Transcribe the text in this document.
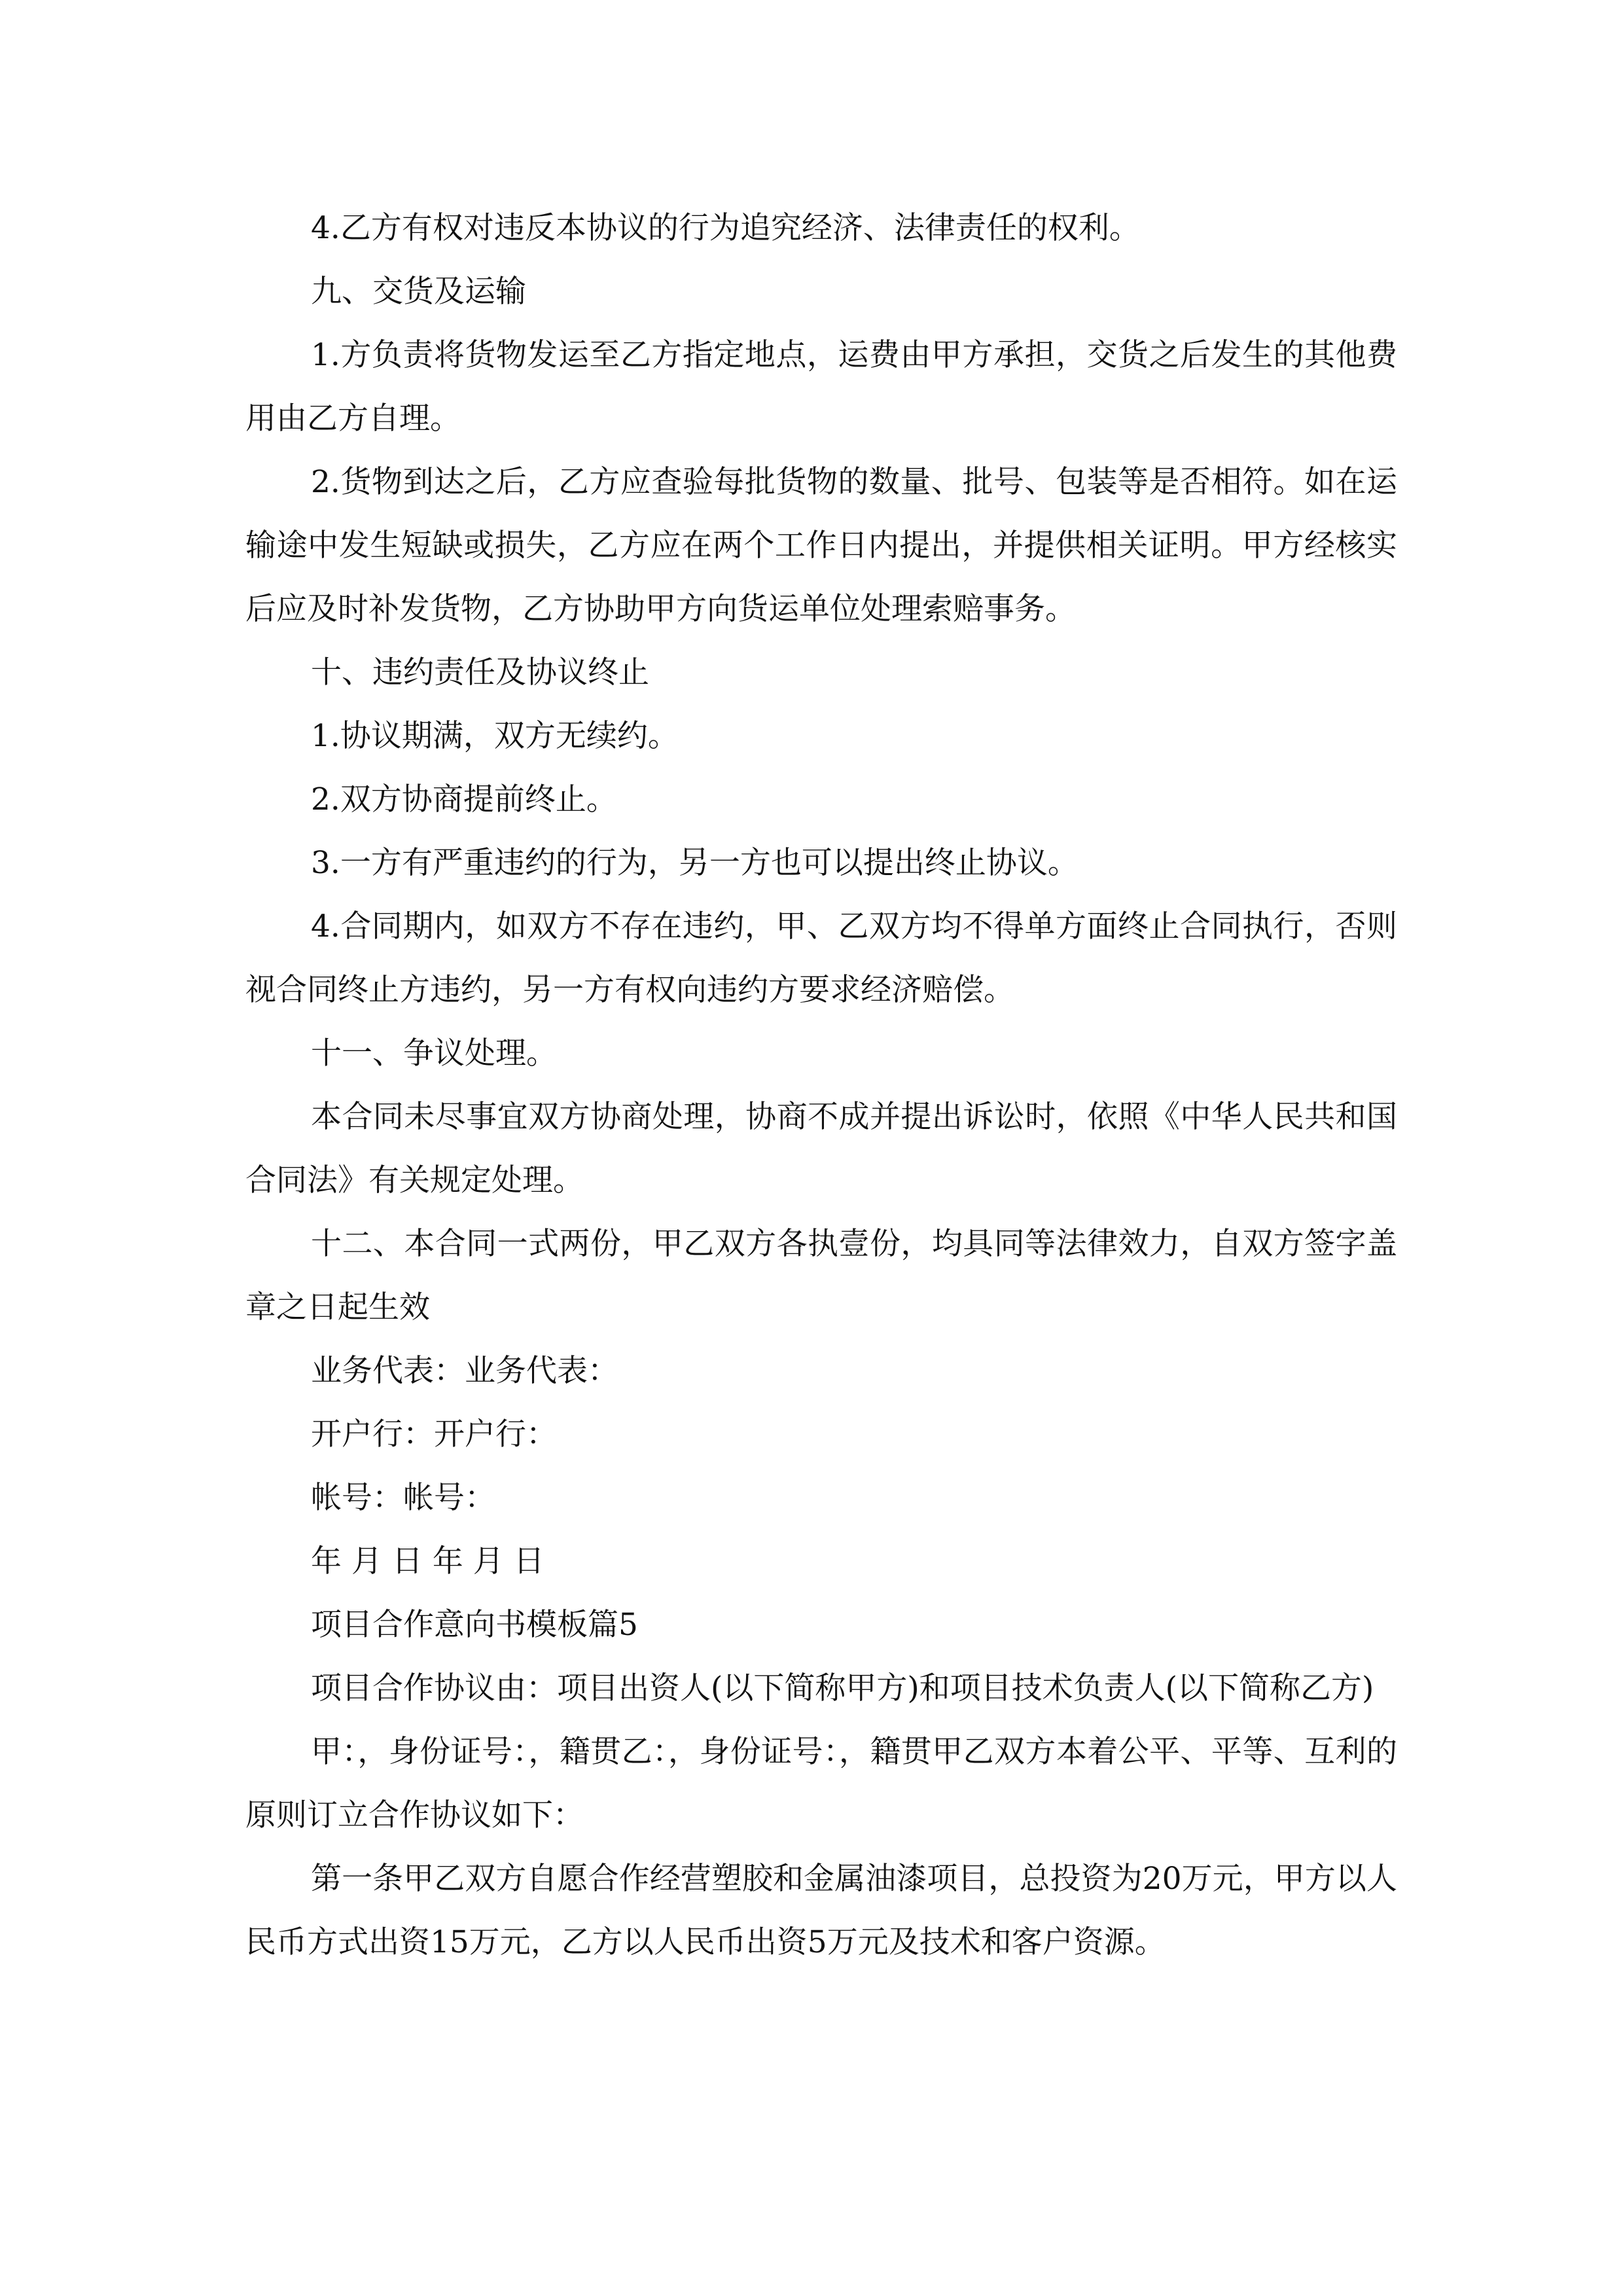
4.乙方有权对违反本协议的行为追究经济、法律责任的权利。

九、交货及运输

1.方负责将货物发运至乙方指定地点，运费由甲方承担，交货之后发生的其他费用由乙方自理。

2.货物到达之后，乙方应查验每批货物的数量、批号、包装等是否相符。如在运输途中发生短缺或损失，乙方应在两个工作日内提出，并提供相关证明。甲方经核实后应及时补发货物，乙方协助甲方向货运单位处理索赔事务。

十、违约责任及协议终止

1.协议期满，双方无续约。

2.双方协商提前终止。

3.一方有严重违约的行为，另一方也可以提出终止协议。

4.合同期内，如双方不存在违约，甲、乙双方均不得单方面终止合同执行，否则视合同终止方违约，另一方有权向违约方要求经济赔偿。

十一、争议处理。

本合同未尽事宜双方协商处理，协商不成并提出诉讼时，依照《中华人民共和国合同法》有关规定处理。

十二、本合同一式两份，甲乙双方各执壹份，均具同等法律效力，自双方签字盖章之日起生效

业务代表：业务代表：

开户行：开户行：

帐号：帐号：

年 月 日 年 月 日

项目合作意向书模板篇5

项目合作协议由：项目出资人(以下简称甲方)和项目技术负责人(以下简称乙方)

甲：，身份证号：，籍贯乙：，身份证号：，籍贯甲乙双方本着公平、平等、互利的原则订立合作协议如下：

第一条甲乙双方自愿合作经营塑胶和金属油漆项目，总投资为20万元，甲方以人民币方式出资15万元，乙方以人民币出资5万元及技术和客户资源。
